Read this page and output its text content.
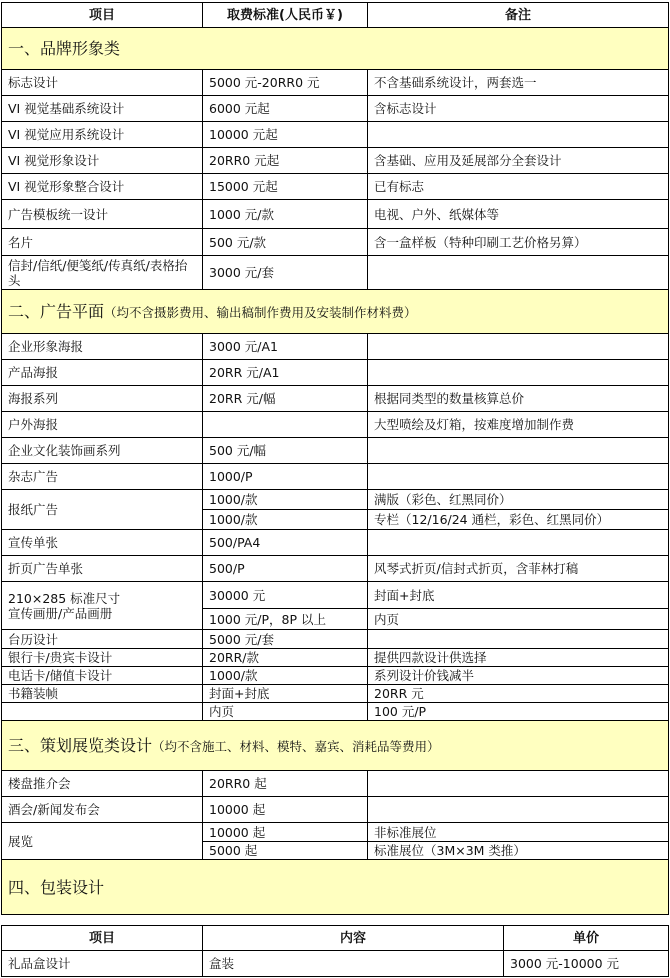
项目	取费标准(人民币￥)	备注
一、品牌形象类		
标志设计	5000 元-20RR0 元	不含基础系统设计，两套选一
VI 视觉基础系统设计	6000 元起	含标志设计
VI 视觉应用系统设计	10000 元起	
VI 视觉形象设计	20RR0 元起	含基础、应用及延展部分全套设计
VI 视觉形象整合设计	15000 元起	已有标志
广告模板统一设计	1000 元/款	电视、户外、纸媒体等
名片	500 元/款	含一盒样板（特种印刷工艺价格另算）
信封/信纸/便笺纸/传真纸/表格抬头	3000 元/套	
二、广告平面（均不含摄影费用、输出稿制作费用及安装制作材料费）		
企业形象海报	3000 元/A1	
产品海报	20RR 元/A1	
海报系列	20RR 元/幅	根据同类型的数量核算总价
户外海报		大型喷绘及灯箱，按难度增加制作费
企业文化装饰画系列	500 元/幅	
杂志广告	1000/P	
报纸广告	1000/款	满版（彩色、红黑同价）
	1000/款	专栏（12/16/24 通栏，彩色、红黑同价）
宣传单张	500/PA4	
折页广告单张	500/P	风琴式折页/信封式折页，含菲林打稿

210×285 标准尺寸
宣传画册/产品画册	30000 元	封面+封底
	1000 元/P，8P 以上	内页
台历设计	5000 元/套	
银行卡/贵宾卡设计	20RR/款	提供四款设计供选择
电话卡/储值卡设计	1000/款	系列设计价钱减半
书籍装帧	封面+封底	20RR 元
	内页	100 元/P
三、策划展览类设计（均不含施工、材料、模特、嘉宾、消耗品等费用）		
楼盘推介会	20RR0 起	
酒会/新闻发布会	10000 起	
展览	10000 起	非标准展位
	5000 起	标准展位（3M×3M 类推）
四、包装设计		
项目	内容	单价
礼品盒设计	盒装	3000 元-10000 元
